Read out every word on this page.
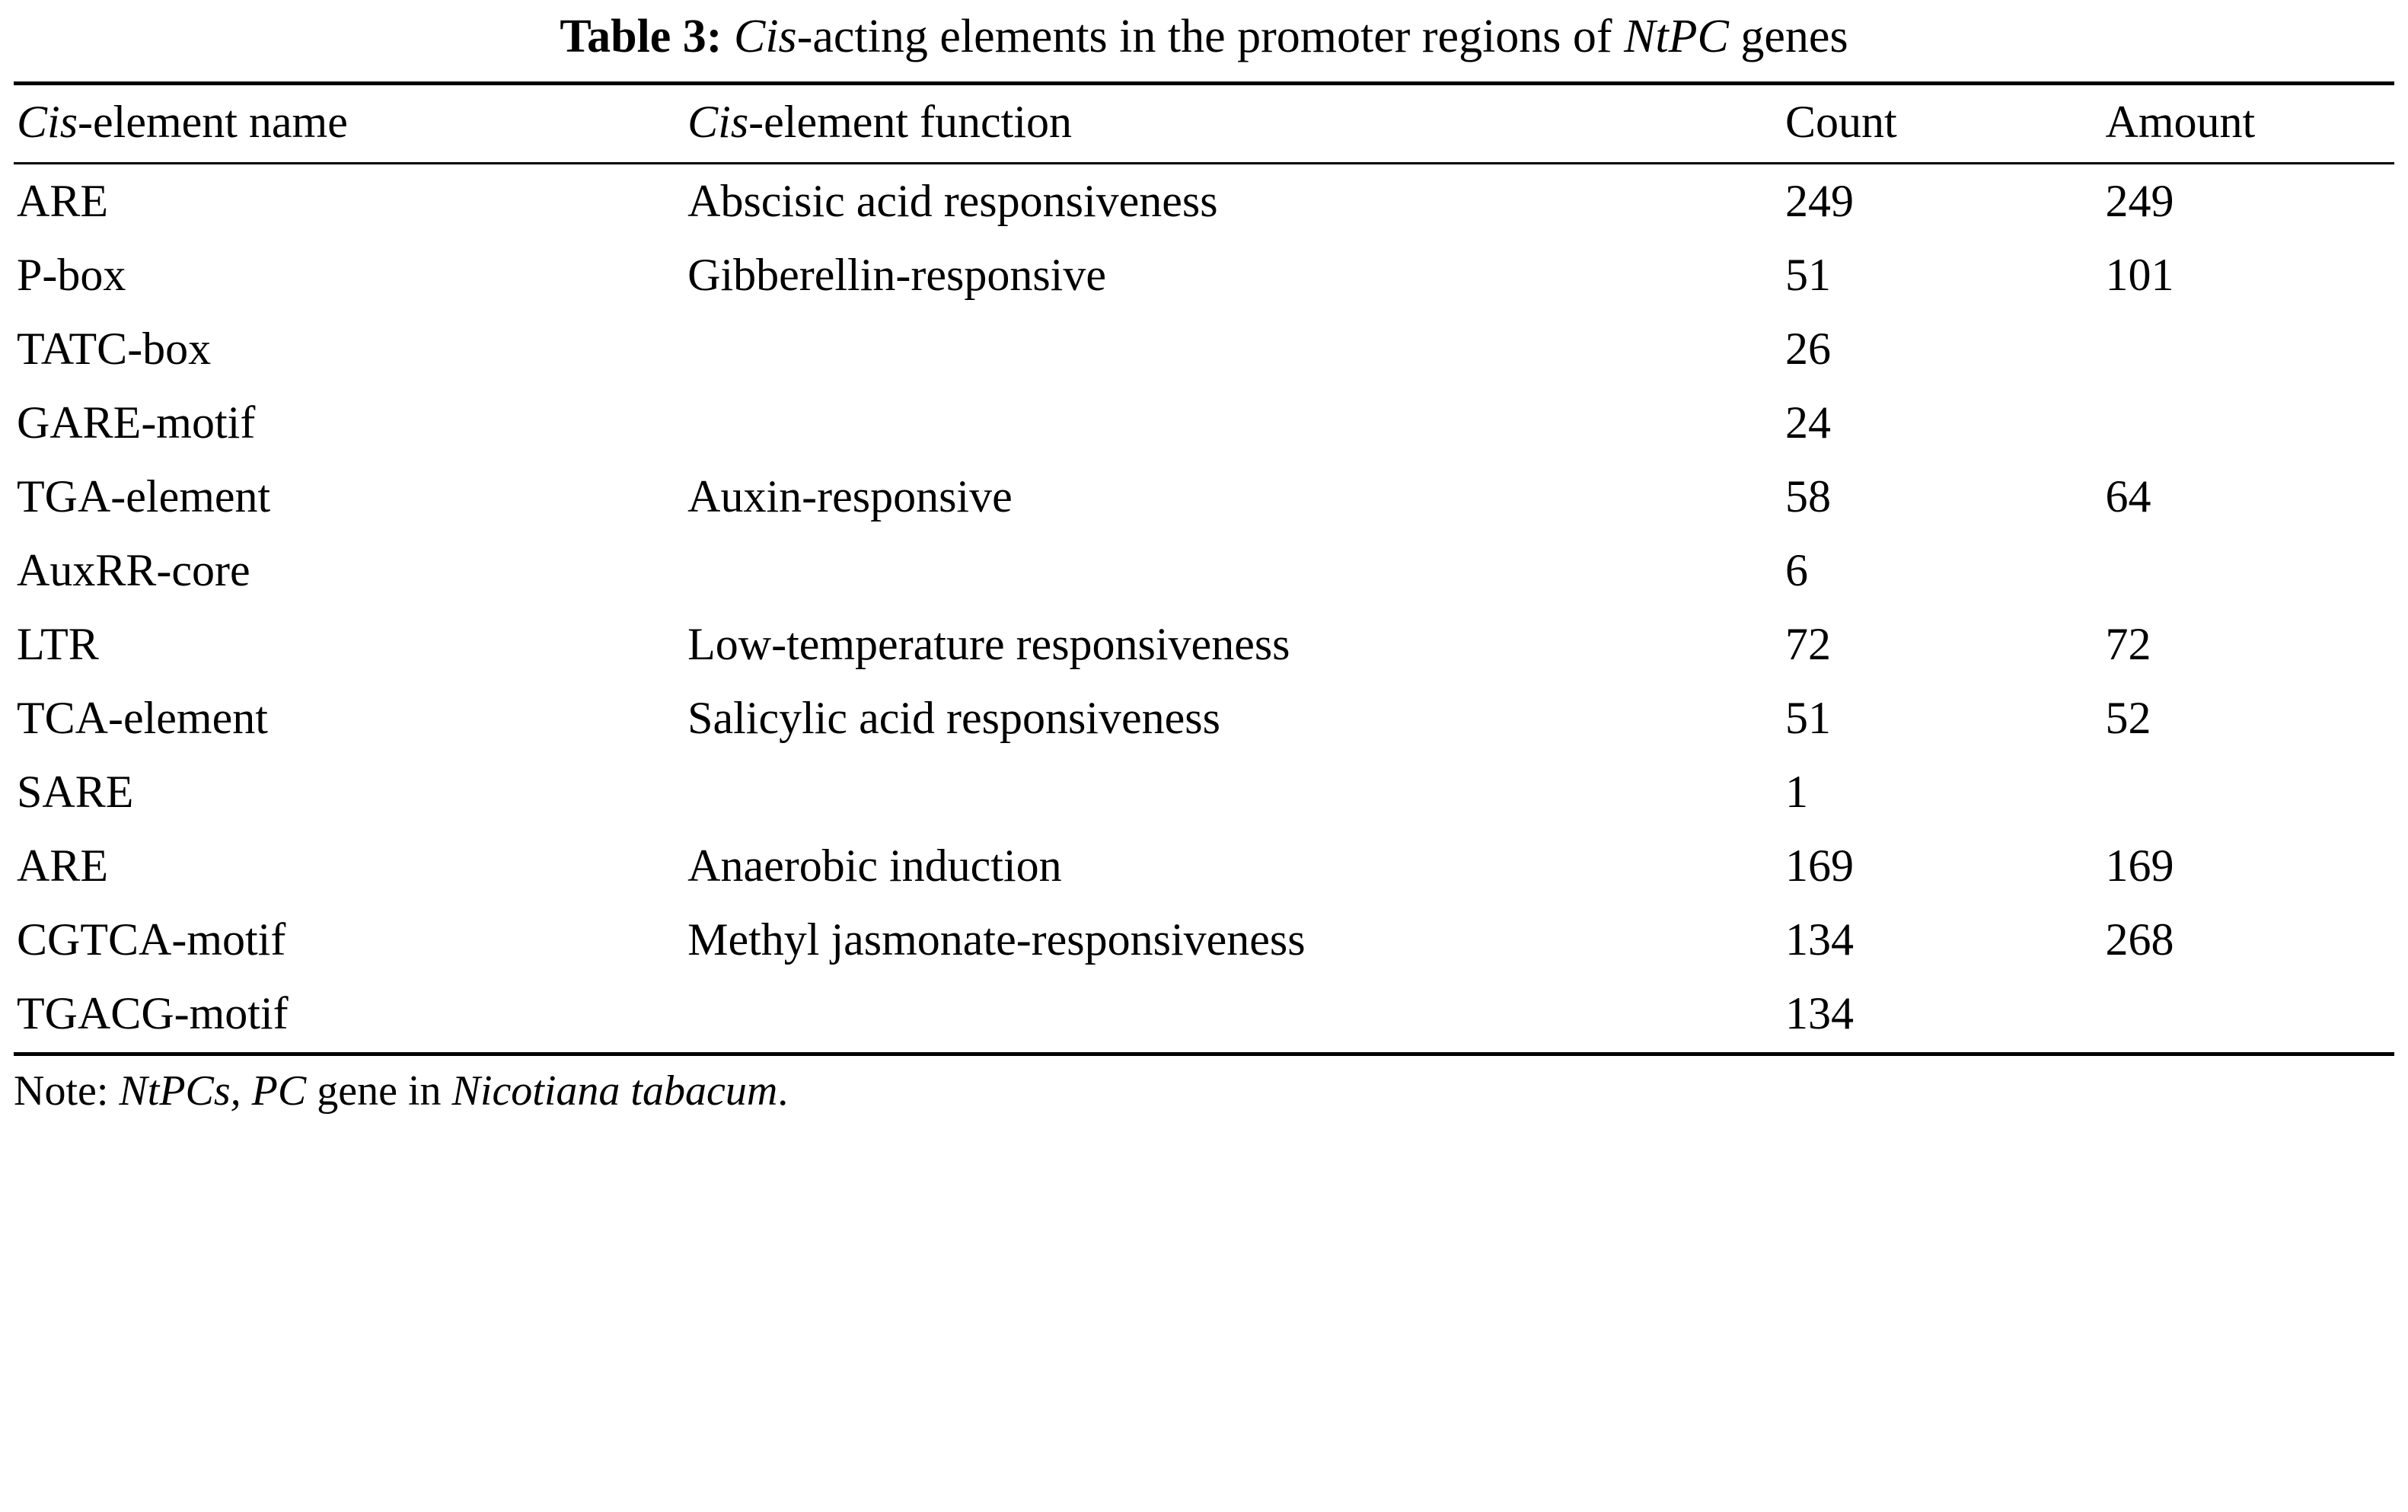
Table 3: Cis-acting elements in the promoter regions of NtPC genes
Cis-element name	Cis-element function	Count	Amount
ARE	Abscisic acid responsiveness	249	249
P-box	Gibberellin-responsive	51	101
TATC-box		26	
GARE-motif		24	
TGA-element	Auxin-responsive	58	64
AuxRR-core		6	
LTR	Low-temperature responsiveness	72	72
TCA-element	Salicylic acid responsiveness	51	52
SARE		1	
ARE	Anaerobic induction	169	169
CGTCA-motif	Methyl jasmonate-responsiveness	134	268
TGACG-motif		134	
Note: NtPCs, PC gene in Nicotiana tabacum.
